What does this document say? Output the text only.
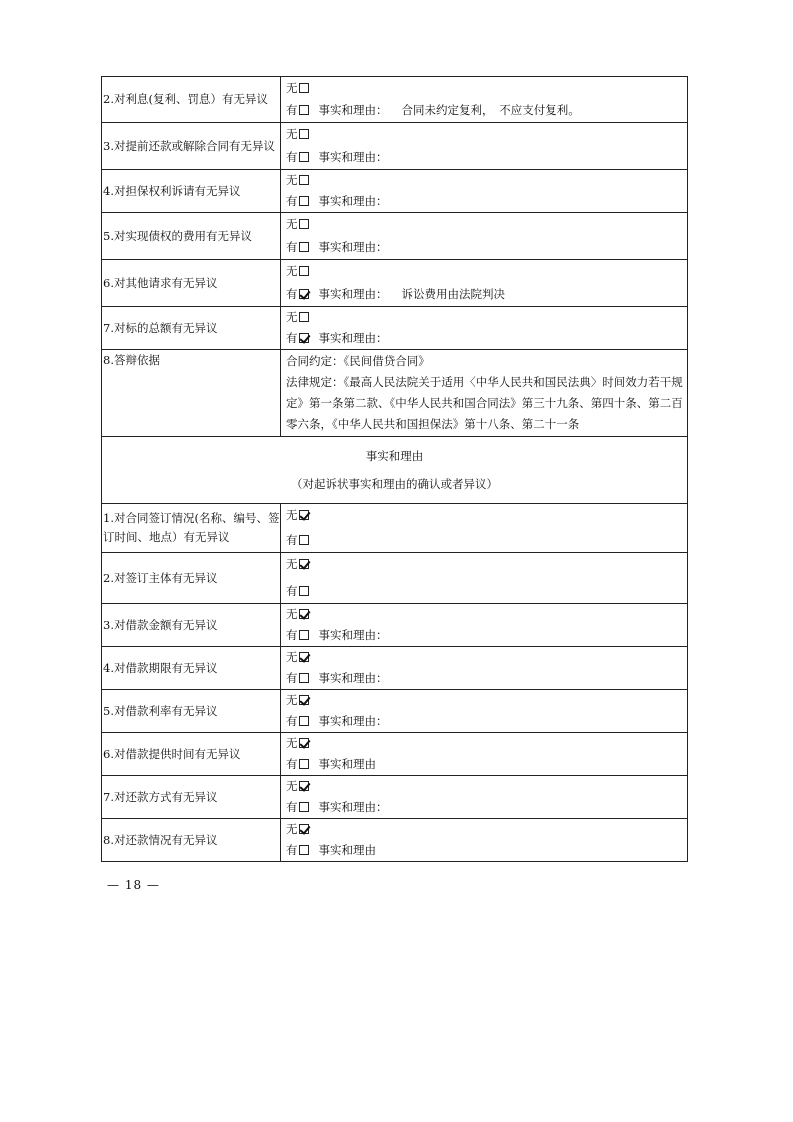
2.对利息(复利、罚息）有无异议	无
有 事实和理由： 合同未约定复利，　不应支付复利。

3.对提前还款或解除合同有无异议	无
有 事实和理由：

4.对担保权利诉请有无异议	无
有 事实和理由：

5.对实现债权的费用有无异议	无
有 事实和理由：

6.对其他请求有无异议	无
有 事实和理由： 诉讼费用由法院判决

7.对标的总额有无异议	无
有 事实和理由：

8.答辩依据	合同约定：《民间借贷合同》
法律规定：《最高人民法院关于适用〈中华人民共和国民法典〉时间效力若干规定》第一条第二款、《中华人民共和国合同法》第三十九条、第四十条、第二百零六条，《中华人民共和国担保法》第十八条、第二十一条

事实和理由
（对起诉状事实和理由的确认或者异议）	

1.对合同签订情况(名称、编号、签订时间、地点）有无异议	无
有

2.对签订主体有无异议	无
有

3.对借款金额有无异议	无
有 事实和理由：

4.对借款期限有无异议	无
有 事实和理由：

5.对借款利率有无异议	无
有 事实和理由：

6.对借款提供时间有无异议	无
有 事实和理由

7.对还款方式有无异议	无
有 事实和理由：

8.对还款情况有无异议	无
有 事实和理由
— 18 —
